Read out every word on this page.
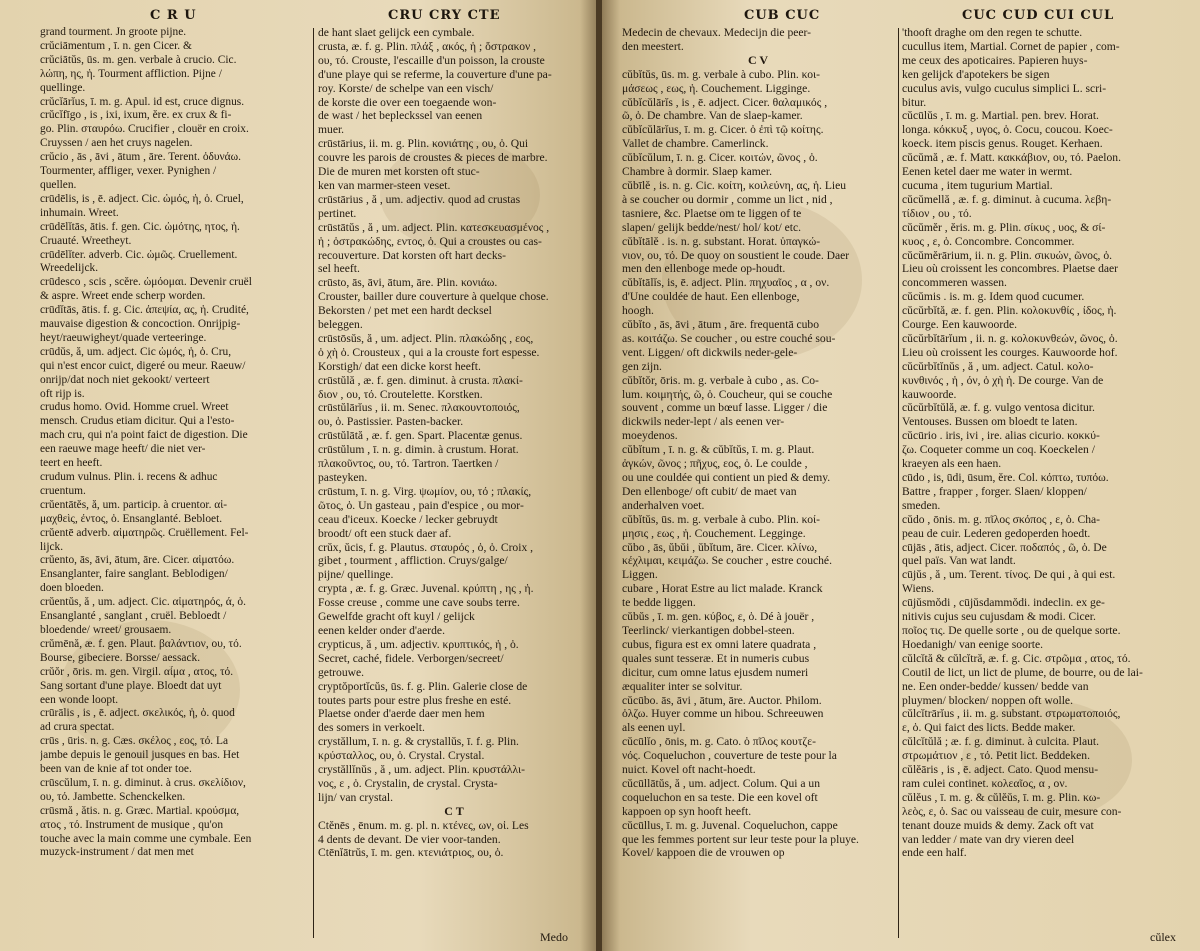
C R U	CRU CRY CTE
grand tourment. Jn groote pijne.
crŭciāmentum , ī. n. gen Cicer. &
crŭciātŭs, ūs. m. gen. verbale à crucio. Cic.
λώπη, ης, ἡ. Tourment affliction. Pijne /
quellinge.
crŭcĭārĭus, ī. m. g. Apul. id est, cruce dignus.
crŭcĭfīgo , is , ixi, ixum, ĕre. ex crux & fi-
go. Plin. σταυρόω. Crucifier , clouër en croix.
Cruyssen / aen het cruys nagelen.
crŭcio , ās , āvi , ātum , āre. Terent. ὀδυνάω.
Tourmenter, affliger, vexer. Pynighen /
quellen.
crūdēlis, is , ē. adject. Cic. ὠμός, ἡ, ὁ. Cruel,
inhumain. Wreet.
crūdēlĭtās, ātis. f. gen. Cic. ὠμότης, ητος, ἡ.
Cruauté. Wreetheyt.
crūdēlĭter. adverb. Cic. ὠμῶς. Cruellement.
Wreedelijck.
crūdesco , scis , scĕre. ὠμόομαι. Devenir cruël
& aspre. Wreet ende scherp worden.
crūdĭtās, ātis. f. g. Cic. ἀπεψία, ας, ἡ. Crudité,
mauvaise digestion & concoction. Onrijpig-
heyt/raeuwigheyt/quade verteeringe.
crūdŭs, ă, um. adject. Cic ὠμός, ἡ, ὁ. Cru,
qui n'est encor cuict, digeré ou meur. Raeuw/
onrijp/dat noch niet gekookt/ verteert
oft rijp is.
crudus homo. Ovid. Homme cruel. Wreet
mensch. Crudus etiam dicitur. Qui a l'esto-
mach cru, qui n'a point faict de digestion. Die
een raeuwe mage heeft/ die niet ver-
teert en heeft.
crudum vulnus. Plin. i. recens & adhuc
cruentum.
crŭentātĕs, ă, um. particip. à cruentor. αἱ-
μαχθεὶς, έντος, ὁ. Ensanglanté. Bebloet.
crŭentē adverb. αἱματηρῶς. Cruëllement. Fel-
lijck.
crŭento, ās, āvi, ātum, āre. Cicer. αἱματόω.
Ensanglanter, faire sanglant. Beblodigen/
doen bloeden.
crŭentŭs, ă , um. adject. Cic. αἱματηρός, ά, ὁ.
Ensanglanté , sanglant , cruël. Bebloedt /
bloedende/ wreet/ grousaem.
crŭmēnă, æ. f. gen. Plaut. βαλάντιον, ου, τό.
Bourse, gibeciere. Borsse/ aessack.
crŭŏr , ōris. m. gen. Virgil. αἷμα , ατος, τό.
Sang sortant d'une playe. Bloedt dat uyt
een wonde loopt.
crūrālis , is , ē. adject. σκελικός, ἡ, ὁ. quod
ad crura spectat.
crūs , ūris. n. g. Cæs. σκέλος , εος, τό. La
jambe depuis le genouil jusques en bas. Het
been van de knie af tot onder toe.
crūscŭlum, ī. n. g. diminut. à crus. σκελίδιον,
ου, τό. Jambette. Schenckelken.
crūsmă , ătis. n. g. Græc. Martial. κρούσμα,
ατος , τό. Instrument de musique , qu'on
touche avec la main comme une cymbale. Een
muzyck-instrument / dat men met
de hant slaet gelijck een cymbale.
crusta, æ. f. g. Plin. πλάξ , ακός, ἡ ; ὄστρακον ,
ου, τό. Crouste, l'escaille d'un poisson, la crouste
d'une playe qui se referme, la couverture d'une pa-
roy. Korste/ de schelpe van een visch/
de korste die over een toegaende won-
de wast / het bepleckssel van eenen
muer.
crūstārius, ii. m. g. Plin. κονιάτης , ου, ὁ. Qui
couvre les parois de croustes & pieces de marbre.
Die de muren met korsten oft stuc-
ken van marmer-steen veset.
crūstārius , ă , um. adjectiv. quod ad crustas
pertinet.
crūstātŭs , ă , um. adject. Plin. κατεσκευασμένος ,
ἡ ; ὀστρακώδης, εντος, ὁ. Qui a croustes ou cas-
recouverture. Dat korsten oft hart decks-
sel heeft.
crūsto, ās, āvi, ātum, āre. Plin. κονιάω.
Crouster, bailler dure couverture à quelque chose.
Bekorsten / pet met een hardt decksel
beleggen.
crūstōsŭs, ă , um. adject. Plin. πλακώδης , εος,
ὁ χὴ ὁ. Crousteux , qui a la crouste fort espesse.
Korstigh/ dat een dicke korst heeft.
crūstŭlă , æ. f. gen. diminut. à crusta. πλακί-
διον , ου, τό. Croutelette. Korstken.
crūstŭlārĭus , ii. m. Senec. πλακουντοποιός,
ου, ὁ. Pastissier. Pasten-backer.
crūstŭlātă , æ. f. gen. Spart. Placentæ genus.
crūstŭlum , ī. n. g. dimin. à crustum. Horat.
πλακοῦντος, ου, τό. Tartron. Taertken /
pasteyken.
crūstum, ī. n. g. Virg. ψωμίον, ου, τό ; πλακίς,
ῶτος, ὁ. Un gasteau , pain d'espice , ou mor-
ceau d'iceux. Koecke / lecker gebruydt
broodt/ oft een stuck daer af.
crŭx, ŭcis, f. g. Plautus. σταυρός , ὁ, ὁ. Croix ,
gibet , tourment , affliction. Cruys/galge/
pijne/ quellinge.
crypta , æ. f. g. Græc. Juvenal. κρύπτη , ης , ἡ.
Fosse creuse , comme une cave soubs terre.
Gewelfde gracht oft kuyl / gelijck
eenen kelder onder d'aerde.
crypticus, ă , um. adjectiv. κρυπτικός, ἡ , ὁ.
Secret, caché, fidele. Verborgen/secreet/
getrouwe.
cryptŏportĭcŭs, ūs. f. g. Plin. Galerie close de
toutes parts pour estre plus freshe en esté.
Plaetse onder d'aerde daer men hem
des somers in verkoelt.
crystăllum, ī. n. g. & crystallŭs, ī. f. g. Plin.
κρύσταλλος, ου, ὁ. Crystal. Crystal.
crystăllĭnŭs , ă , um. adject. Plin. κρυστάλλι-
νος, ε , ὁ. Crystalin, de crystal. Crysta-
lijn/ van crystal.
C T
Ctĕnēs , ēnum. m. g. pl. n. κτένες, ων, οἱ. Les
4 dents de devant. De vier voor-tanden.
Ctēnĭātrŭs, ī. m. gen. κτενιάτριος, ου, ὁ.
Medo
CUB CUC	CUC CUD CUI CUL
Medecin de chevaux. Medecijn die peer-
den meestert.
C V
cŭbĭtŭs, ūs. m. g. verbale à cubo. Plin. κοι-
μάσεως , εως, ἡ. Couchement. Ligginge.
cŭbĭcŭlārĭs , is , ē. adject. Cicer. θαλαμικός ,
ῶ, ὁ. De chambre. Van de slaep-kamer.
cŭbĭcŭlārĭus, ī. m. g. Cicer. ὁ ἐπὶ τῷ κοίτης.
Vallet de chambre. Camerlinck.
cŭbĭcŭlum, ī. n. g. Cicer. κοιτών, ῶνος , ὁ.
Chambre à dormir. Slaep kamer.
cŭbīlĕ , is. n. g. Cic. κοίτη, κοιλεύνη, ας, ἡ. Lieu
à se coucher ou dormir , comme un lict , nid ,
tasniere, &c. Plaetse om te liggen of te
slapen/ gelijk bedde/nest/ hol/ kot/ etc.
cŭbĭtālĕ . is. n. g. substant. Horat. ὑπαγκώ-
νιον, ου, τό. De quoy on soustient le coude. Daer
men den ellenboge mede op-houdt.
cŭbĭtālĭs, is, ē. adject. Plin. πηχυαῖος , α , ον.
d'Une couldée de haut. Een ellenboge,
hoogh.
cŭbĭto , ās, āvi , ātum , āre. frequentā cubo
as. κοιτάζω. Se coucher , ou estre couché sou-
vent. Liggen/ oft dickwils neder-gele-
gen zijn.
cŭbĭtŏr, ōris. m. g. verbale à cubo , as. Co-
lum. κοιμητής, ῶ, ὁ. Coucheur, qui se couche
souvent , comme un bœuf lasse. Ligger / die
dickwils neder-lept / als eenen ver-
moeydenos.
cŭbĭtum , ī. n. g. & cŭbĭtŭs, ī. m. g. Plaut.
ἀγκών, ῶνος ; πῆχυς, εος, ὁ. Le coulde ,
ou une couldée qui contient un pied & demy.
Den ellenboge/ oft cubit/ de maet van
anderhalven voet.
cŭbĭtŭs, ūs. m. g. verbale à cubo. Plin. κοί-
μησις , εως , ἡ. Couchement. Legginge.
cŭbo , ās, ŭbŭi , ŭbĭtum, āre. Cicer. κλίνω,
κέχλιμαι, κειμάζω. Se coucher , estre couché.
Liggen.
cubare , Horat Estre au lict malade. Kranck
te bedde liggen.
cŭbŭs , ī. m. gen. κύβος, ε, ὁ. Dé à jouër ,
Teerlinck/ vierkantigen dobbel-steen.
cubus, figura est ex omni latere quadrata ,
quales sunt tesseræ. Et in numeris cubus
dicitur, cum omne latus ejusdem numeri
æqualiter inter se solvitur.
cŭcūbo. ās, āvi , ātum, āre. Auctor. Philom.
ὀλζω. Huyer comme un hibou. Schreeuwen
als eenen uyl.
cŭcūlĭo , ōnis, m. g. Cato. ὁ πῖλος κουτζε-
νός. Coqueluchon , couverture de teste pour la
nuict. Kovel oft nacht-hoedt.
cŭcūllātŭs, ă , um. adject. Colum. Qui a un
coqueluchon en sa teste. Die een kovel oft
kappoen op syn hooft heeft.
cŭcūllus, ī. m. g. Juvenal. Coqueluchon, cappe
que les femmes portent sur leur teste pour la pluye.
Kovel/ kappoen die de vrouwen op
'thooft draghe om den regen te schutte.
cucullus item, Martial. Cornet de papier , com-
me ceux des apoticaires. Papieren huys-
ken gelijck d'apotekers be sigen
cuculus avis, vulgo cuculus simplici L. scri-
bitur.
cŭcūlŭs , ī. m. g. Martial. pen. brev. Horat.
longa. κόκκυξ , υγος, ὁ. Cocu, coucou. Koec-
koeck. item piscis genus. Rouget. Kerhaen.
cŭcŭmă , æ. f. Matt. κακκάβιον, ου, τό. Paelon.
Eenen ketel daer me water in wermt.
cucuma , item tugurium Martial.
cŭcŭmellă , æ. f. g. diminut. à cucuma. λεβη-
τίδιον , ου , τό.
cŭcŭmĕr , ĕris. m. g. Plin. σίκυς , υος, & σί-
κυος , ε, ὁ. Concombre. Concommer.
cŭcŭmĕrārium, ii. n. g. Plin. σικυών, ῶνος, ὁ.
Lieu où croissent les concombres. Plaetse daer
concommeren wassen.
cŭcŭmis . is. m. g. Idem quod cucumer.
cŭcŭrbĭtă, æ. f. gen. Plin. κολοκυνθίς , ίδος, ἡ.
Courge. Een kauwoorde.
cŭcŭrbĭtārĭum , ii. n. g. κολοκυνθεών, ῶνος, ὁ.
Lieu où croissent les courges. Kauwoorde hof.
cŭcŭrbĭtĭnŭs , ă , um. adject. Catul. κολο-
κυνθινός , ἡ , όν, ὁ χὴ ἡ. De courge. Van de
kauwoorde.
cŭcŭrbĭtŭlă, æ. f. g. vulgo ventosa dicitur.
Ventouses. Bussen om bloedt te laten.
cŭcūrio . iris, ivi , ire. alias cicurio. κοκκύ-
ζω. Coqueter comme un coq. Koeckelen /
kraeyen als een haen.
cūdo , is, ūdi, ūsum, ĕre. Col. κόπτω, τυπόω.
Battre , frapper , forger. Slaen/ kloppen/
smeden.
cŭdo , ōnis. m. g. πῖλος σκόπος , ε, ὁ. Cha-
peau de cuir. Lederen gedoperden hoedt.
cūjās , ātis, adject. Cicer. ποδαπός , ῶ, ὁ. De
quel païs. Van wat landt.
cūjŭs , ă , um. Terent. τίνος. De qui , à qui est.
Wiens.
cūjŭsmŏdi , cūjŭsdammŏdi. indeclin. ex ge-
nitivis cujus seu cujusdam & modi. Cicer.
ποῖος τις. De quelle sorte , ou de quelque sorte.
Hoedanigh/ van eenige soorte.
cŭlcĭtă & cŭlcĭtră, æ. f. g. Cic. στρῶμα , ατος, τό.
Coutil de lict, un lict de plume, de bourre, ou de lai-
ne. Een onder-bedde/ kussen/ bedde van
pluymen/ blocken/ noppen oft wolle.
cŭlcĭtrārĭus , ii. m. g. substant. στρωματοποιός,
ε, ὁ. Qui faict des licts. Bedde maker.
cŭlcĭtŭlă ; æ. f. g. diminut. à culcita. Plaut.
στρωμάτιον , ε , τό. Petit lict. Beddeken.
cŭlĕāris , is , ē. adject. Cato. Quod mensu-
ram culei continet. κολεαῖος, α , ον.
cŭlĕus , ī. m. g. & cŭlĕŭs, ī. m. g. Plin. κω-
λεὸς, ε, ὁ. Sac ou vaisseau de cuir, mesure con-
tenant douze muids & demy. Zack oft vat
van ledder / mate van dry vieren deel
ende een half.
cŭlex
